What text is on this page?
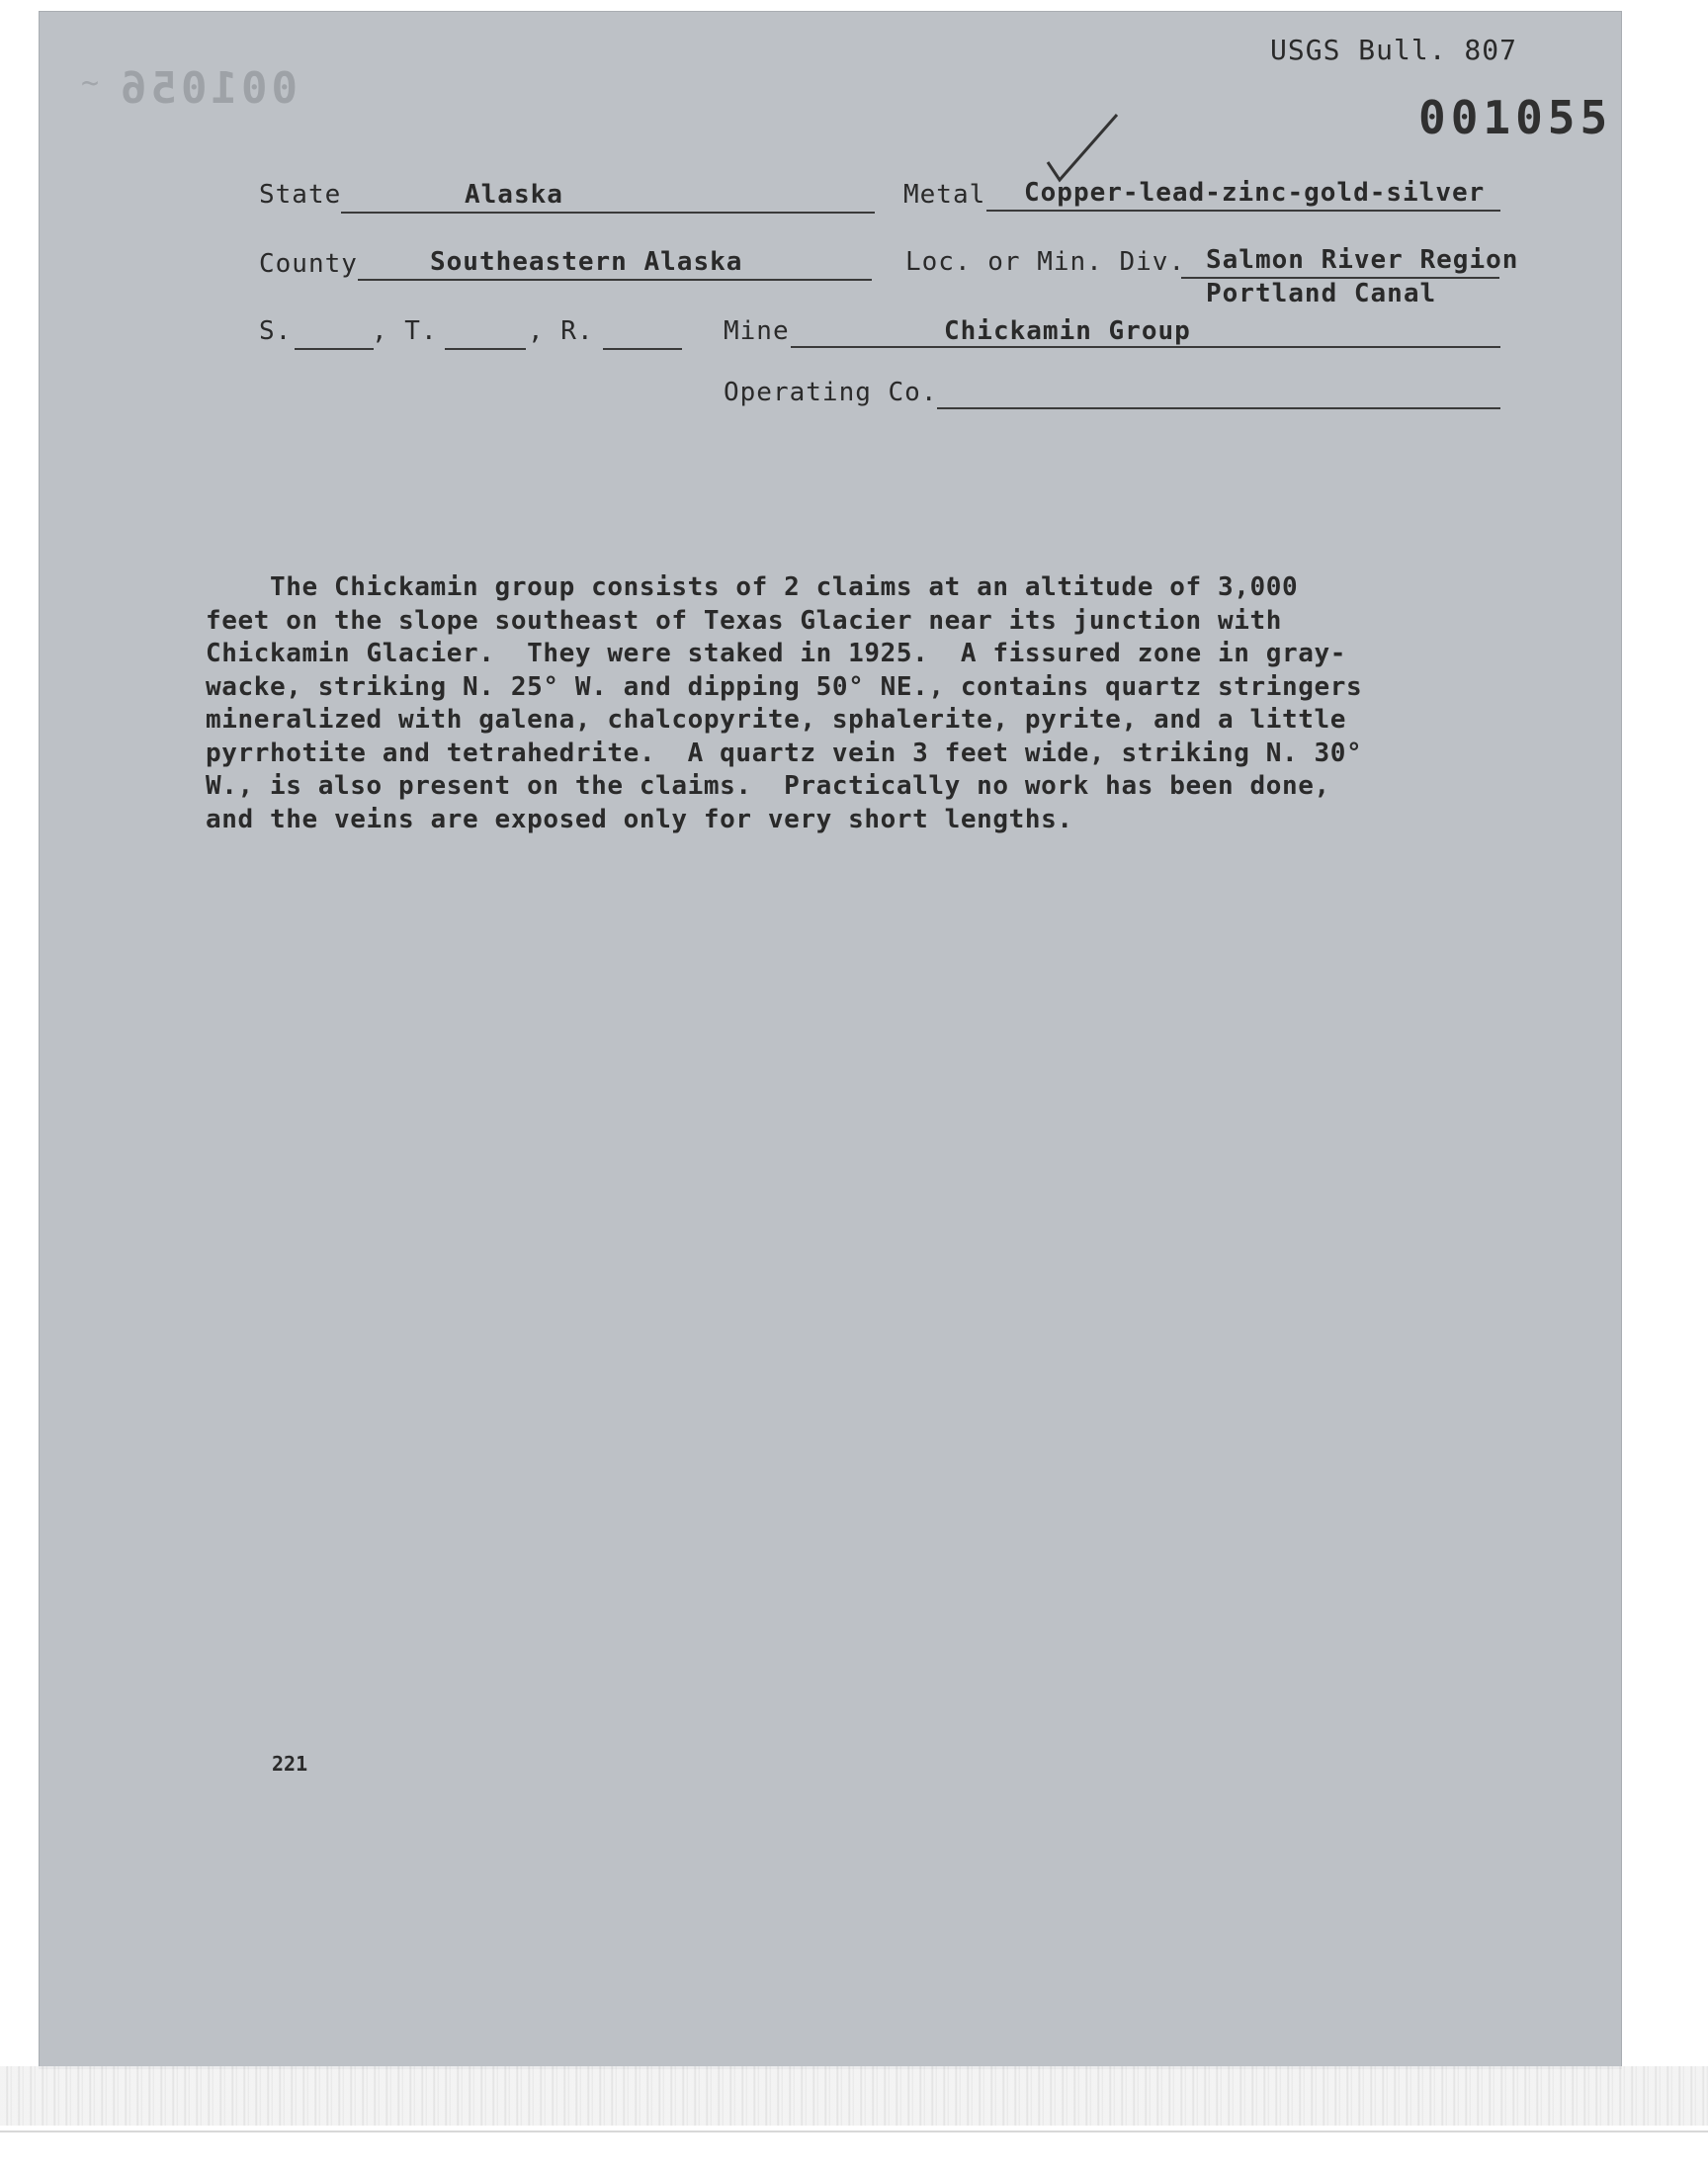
~ 001056
USGS Bull. 807
001055
State	Alaska	Metal Copper-lead-zinc-gold-silver
County	Southeastern Alaska	Loc. or Min. Div. Salmon River Region
Portland Canal
S.	, T.	, R.	Mine	Chickamin Group
Operating Co.

The Chickamin group consists of 2 claims at an altitude of 3,000

feet on the slope southeast of Texas Glacier near its junction with

Chickamin Glacier.  They were staked in 1925.  A fissured zone in gray-

wacke, striking N. 25° W. and dipping 50° NE., contains quartz stringers

mineralized with galena, chalcopyrite, sphalerite, pyrite, and a little

pyrrhotite and tetrahedrite.  A quartz vein 3 feet wide, striking N. 30°

W., is also present on the claims.  Practically no work has been done,

and the veins are exposed only for very short lengths.

221
